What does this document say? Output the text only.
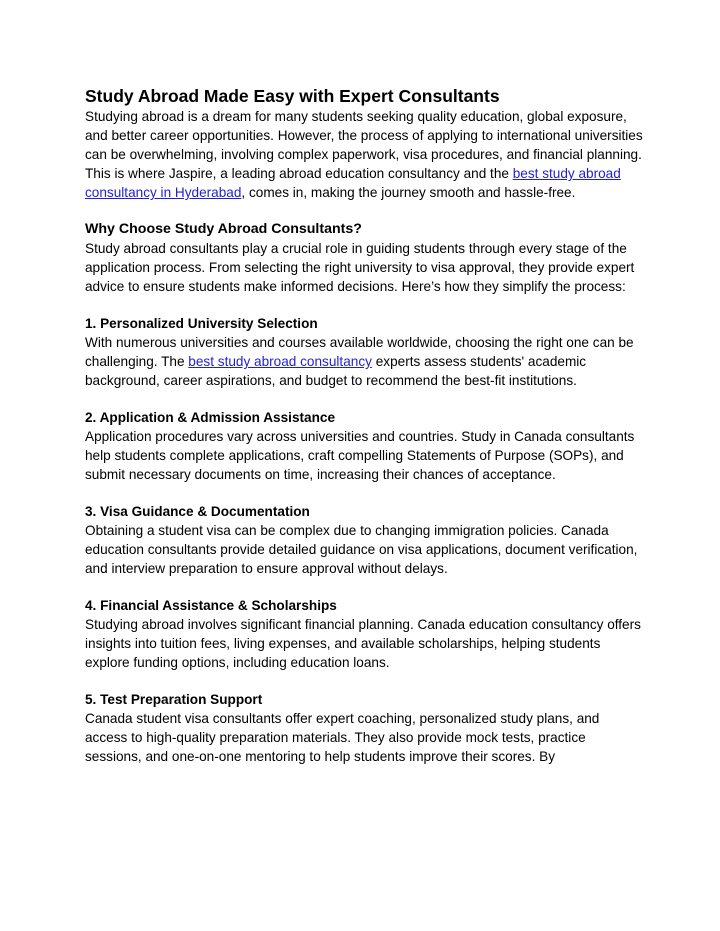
Study Abroad Made Easy with Expert Consultants

Studying abroad is a dream for many students seeking quality education, global exposure, and better career opportunities. However, the process of applying to international universities can be overwhelming, involving complex paperwork, visa procedures, and financial planning. This is where Jaspire, a leading abroad education consultancy and the best study abroad consultancy in Hyderabad, comes in, making the journey smooth and hassle-free.

Why Choose Study Abroad Consultants?

Study abroad consultants play a crucial role in guiding students through every stage of the application process. From selecting the right university to visa approval, they provide expert advice to ensure students make informed decisions. Here’s how they simplify the process:

1. Personalized University Selection

With numerous universities and courses available worldwide, choosing the right one can be challenging. The best study abroad consultancy experts assess students' academic background, career aspirations, and budget to recommend the best-fit institutions.

2. Application & Admission Assistance

Application procedures vary across universities and countries. Study in Canada consultants help students complete applications, craft compelling Statements of Purpose (SOPs), and submit necessary documents on time, increasing their chances of acceptance.

3. Visa Guidance & Documentation

Obtaining a student visa can be complex due to changing immigration policies. Canada education consultants provide detailed guidance on visa applications, document verification, and interview preparation to ensure approval without delays.

4. Financial Assistance & Scholarships

Studying abroad involves significant financial planning. Canada education consultancy offers insights into tuition fees, living expenses, and available scholarships, helping students explore funding options, including education loans.

5. Test Preparation Support

Canada student visa consultants offer expert coaching, personalized study plans, and access to high-quality preparation materials. They also provide mock tests, practice sessions, and one-on-one mentoring to help students improve their scores. By
